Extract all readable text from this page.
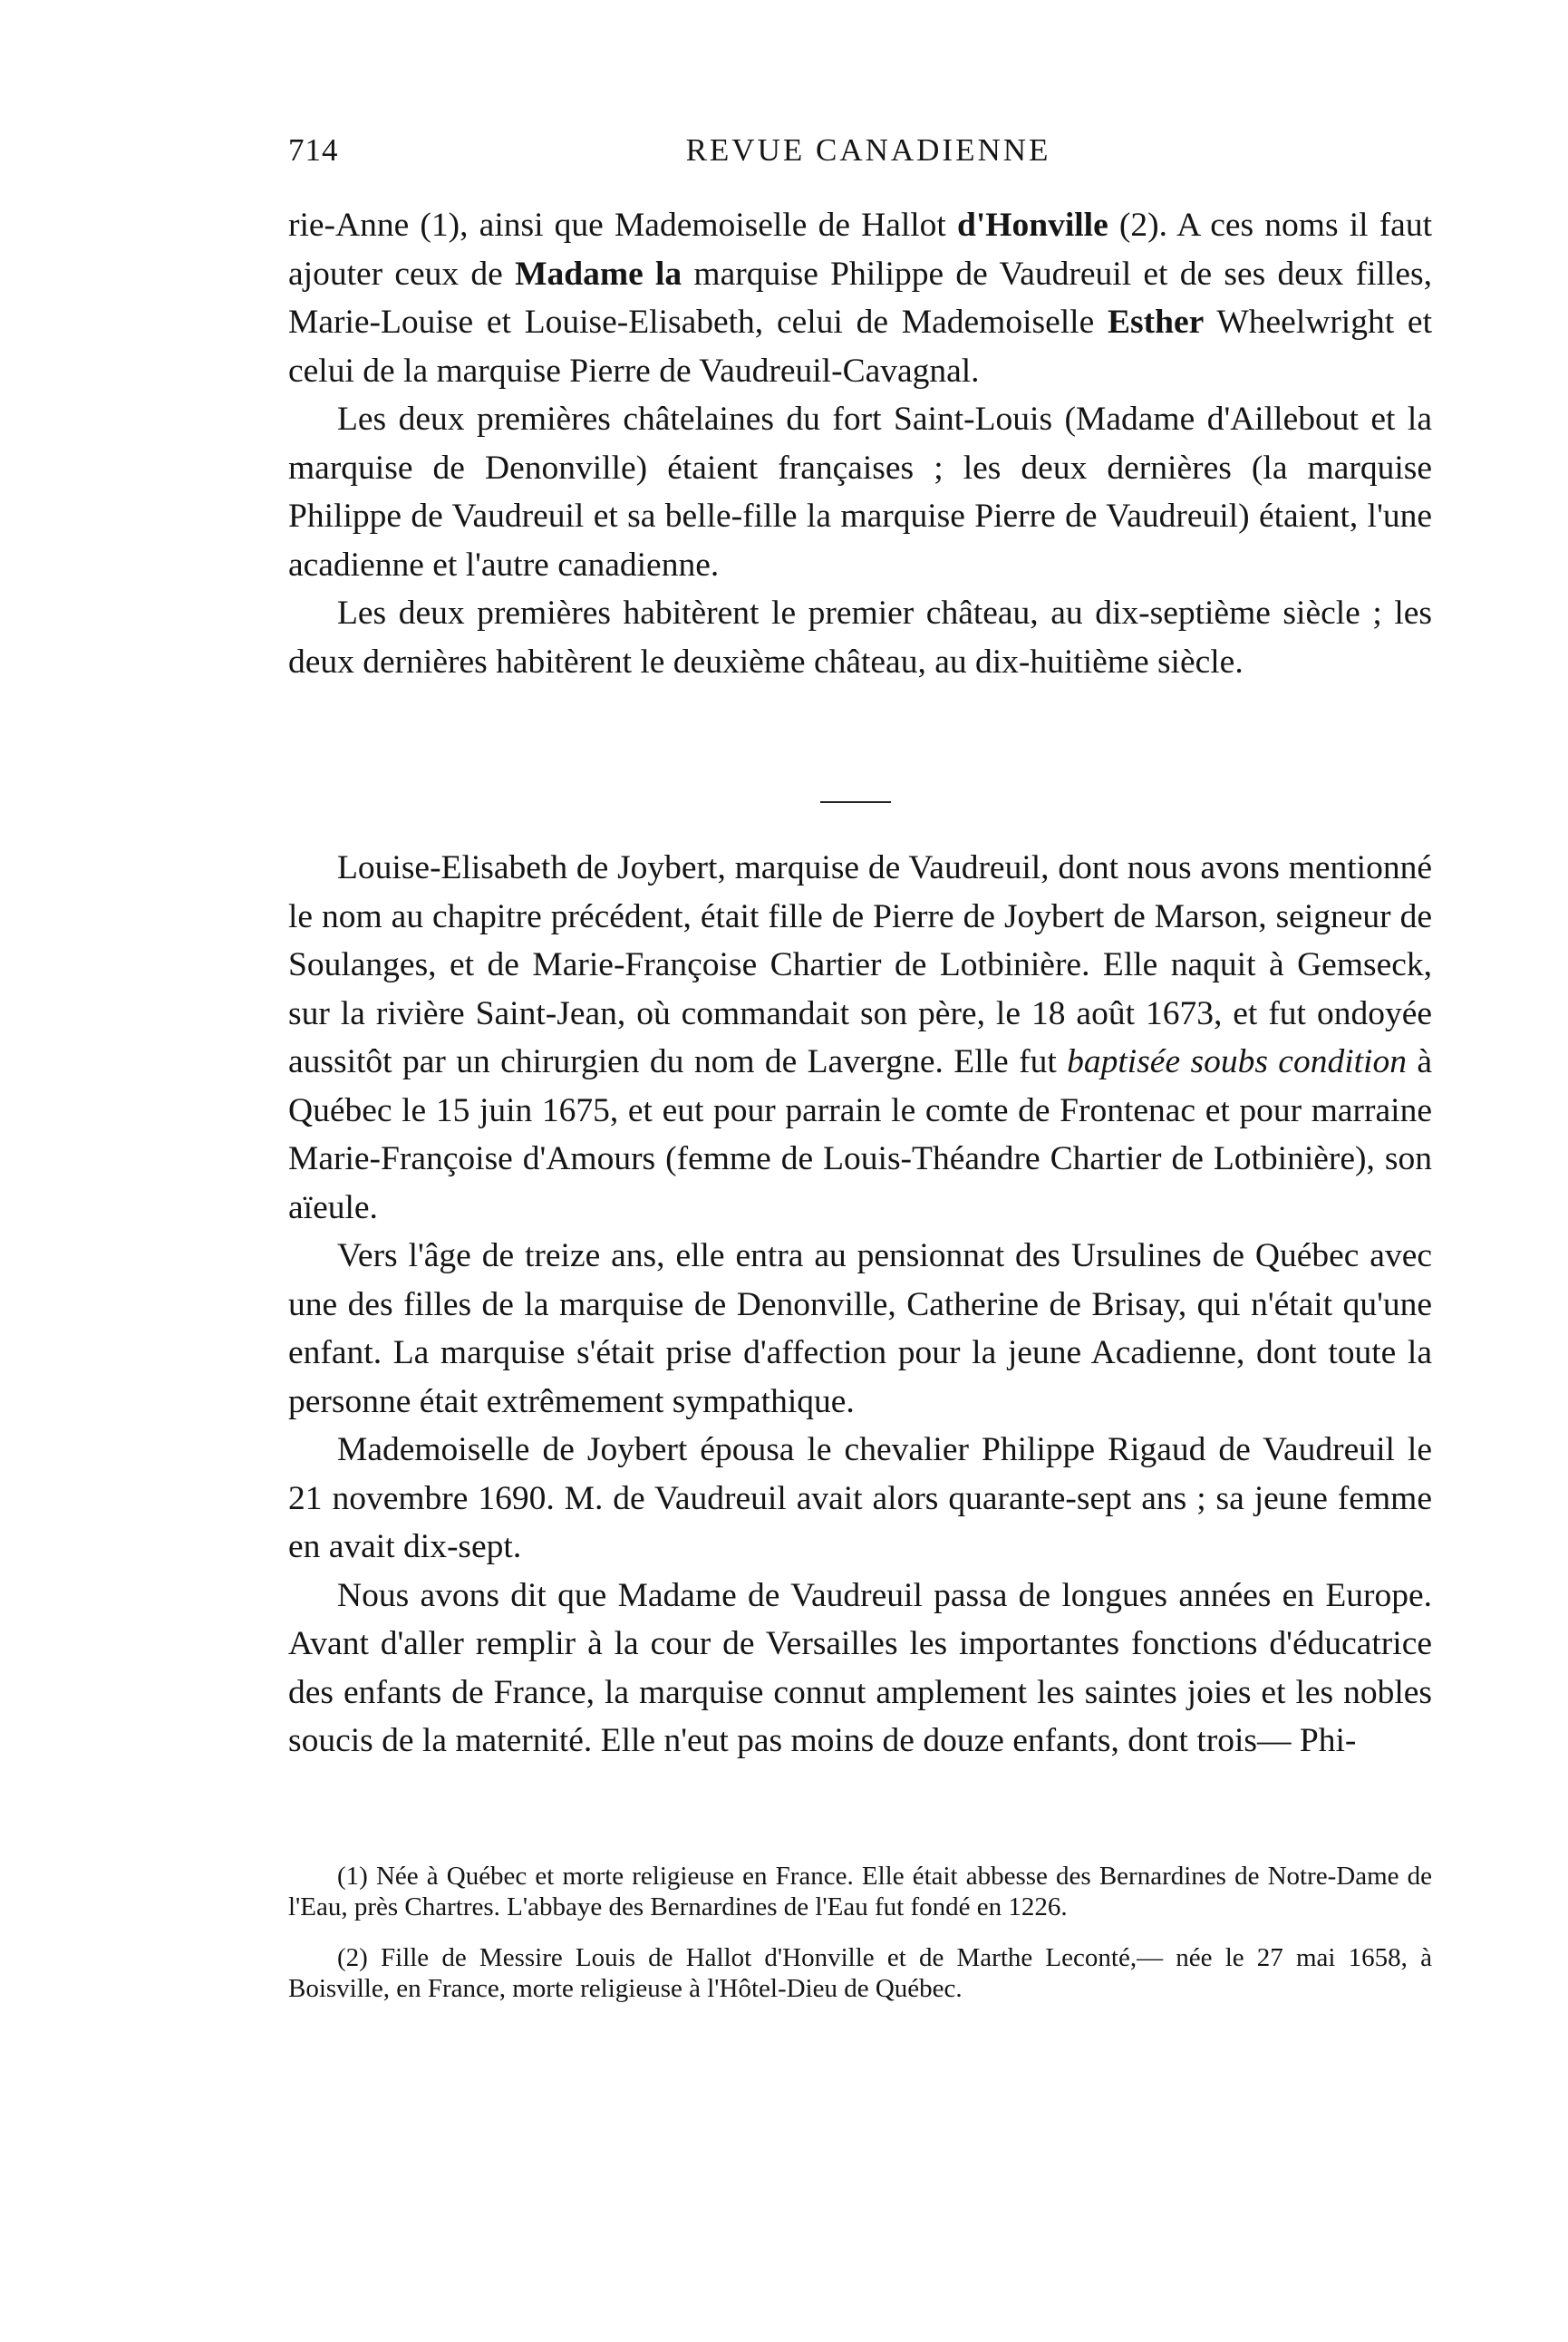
714	REVUE CANADIENNE

rie-Anne (1), ainsi que Mademoiselle de Hallot d'Honville (2). A ces noms il faut ajouter ceux de Madame la marquise Philippe de Vaudreuil et de ses deux filles, Marie-Louise et Louise-Elisabeth, celui de Mademoiselle Esther Wheelwright et celui de la marquise Pierre de Vaudreuil-Cavagnal.

Les deux premières châtelaines du fort Saint-Louis (Madame d'Aillebout et la marquise de Denonville) étaient françaises ; les deux dernières (la marquise Philippe de Vaudreuil et sa belle-fille la marquise Pierre de Vaudreuil) étaient, l'une acadienne et l'autre canadienne.

Les deux premières habitèrent le premier château, au dix-septième siècle ; les deux dernières habitèrent le deuxième château, au dix-huitième siècle.

Louise-Elisabeth de Joybert, marquise de Vaudreuil, dont nous avons mentionné le nom au chapitre précédent, était fille de Pierre de Joybert de Marson, seigneur de Soulanges, et de Marie-Françoise Chartier de Lotbinière. Elle naquit à Gemseck, sur la rivière Saint-Jean, où commandait son père, le 18 août 1673, et fut ondoyée aussitôt par un chirurgien du nom de Lavergne. Elle fut baptisée soubs condition à Québec le 15 juin 1675, et eut pour parrain le comte de Frontenac et pour marraine Marie-Françoise d'Amours (femme de Louis-Théandre Chartier de Lotbinière), son aïeule.

Vers l'âge de treize ans, elle entra au pensionnat des Ursulines de Québec avec une des filles de la marquise de Denonville, Catherine de Brisay, qui n'était qu'une enfant. La marquise s'était prise d'affection pour la jeune Acadienne, dont toute la personne était extrêmement sympathique.

Mademoiselle de Joybert épousa le chevalier Philippe Rigaud de Vaudreuil le 21 novembre 1690. M. de Vaudreuil avait alors quarante-sept ans ; sa jeune femme en avait dix-sept.

Nous avons dit que Madame de Vaudreuil passa de longues années en Europe. Avant d'aller remplir à la cour de Versailles les importantes fonctions d'éducatrice des enfants de France, la marquise connut amplement les saintes joies et les nobles soucis de la maternité. Elle n'eut pas moins de douze enfants, dont trois— Phi-

(1) Née à Québec et morte religieuse en France. Elle était abbesse des Bernardines de Notre-Dame de l'Eau, près Chartres. L'abbaye des Bernardines de l'Eau fut fondé en 1226.

(2) Fille de Messire Louis de Hallot d'Honville et de Marthe Leconté,— née le 27 mai 1658, à Boisville, en France, morte religieuse à l'Hôtel-Dieu de Québec.
